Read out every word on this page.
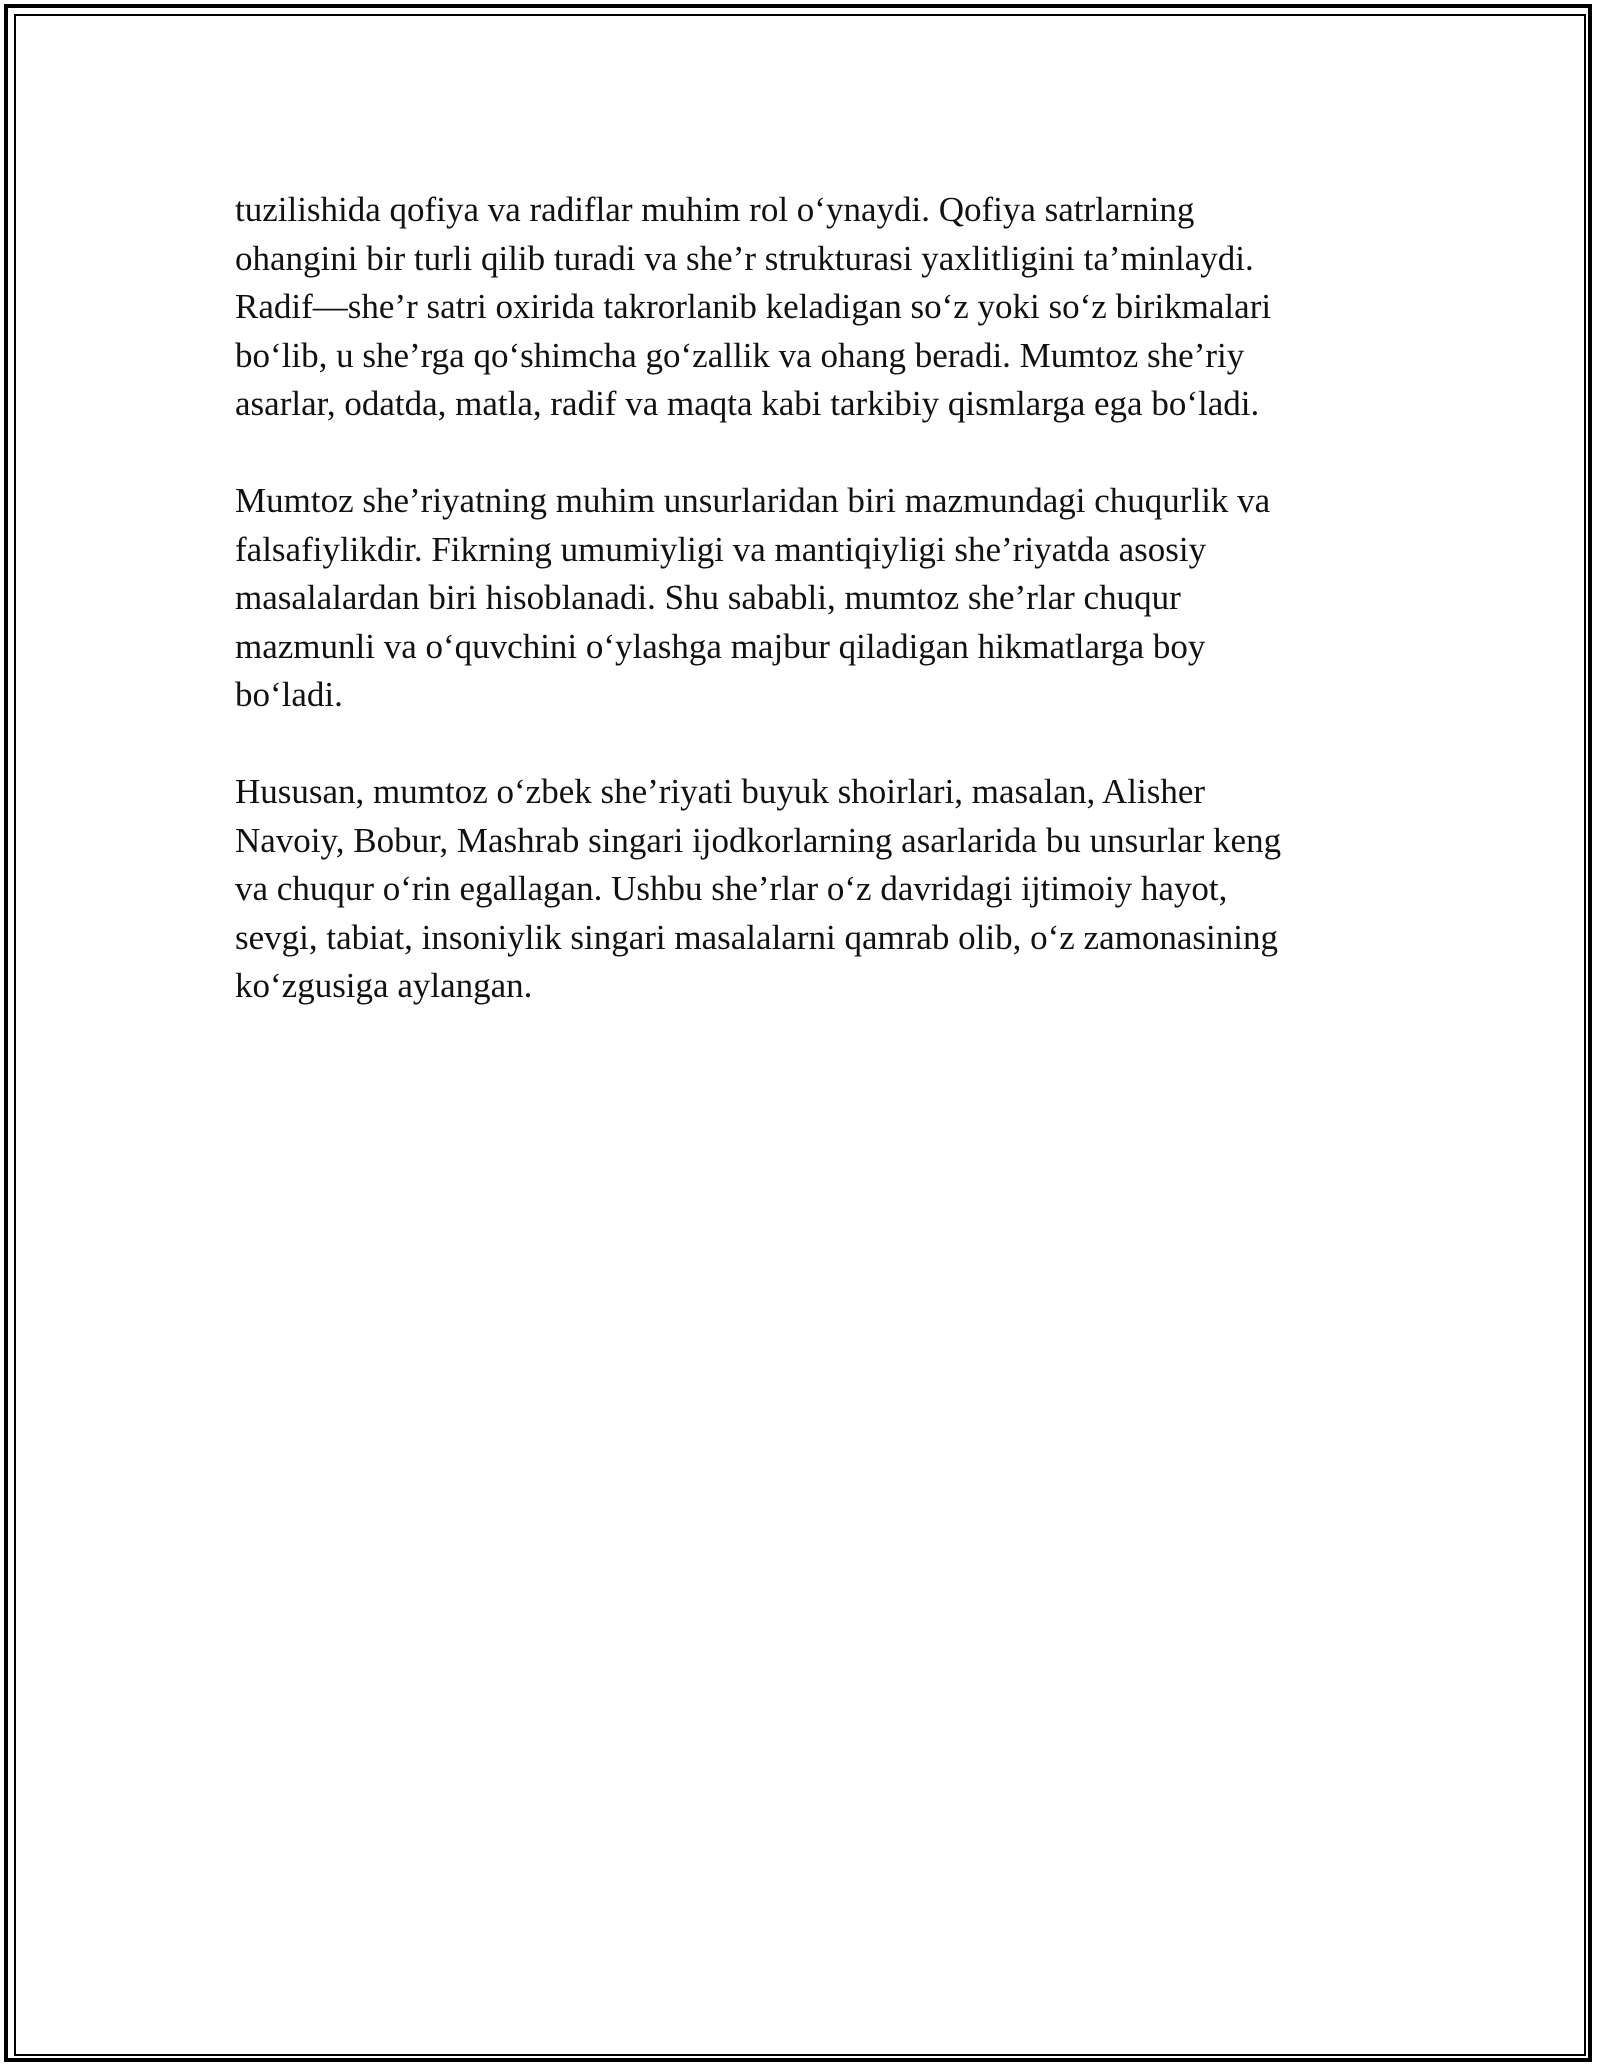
tuzilishida qofiya va radiflar muhim rol o‘ynaydi. Qofiya satrlarning
ohangini bir turli qilib turadi va she’r strukturasi yaxlitligini ta’minlaydi.
Radif—she’r satri oxirida takrorlanib keladigan so‘z yoki so‘z birikmalari
bo‘lib, u she’rga qo‘shimcha go‘zallik va ohang beradi. Mumtoz she’riy
asarlar, odatda, matla, radif va maqta kabi tarkibiy qismlarga ega bo‘ladi.

Mumtoz she’riyatning muhim unsurlaridan biri mazmundagi chuqurlik va
falsafiylikdir. Fikrning umumiyligi va mantiqiyligi she’riyatda asosiy
masalalardan biri hisoblanadi. Shu sababli, mumtoz she’rlar chuqur
mazmunli va o‘quvchini o‘ylashga majbur qiladigan hikmatlarga boy
bo‘ladi.

Hususan, mumtoz o‘zbek she’riyati buyuk shoirlari, masalan, Alisher
Navoiy, Bobur, Mashrab singari ijodkorlarning asarlarida bu unsurlar keng
va chuqur o‘rin egallagan. Ushbu she’rlar o‘z davridagi ijtimoiy hayot,
sevgi, tabiat, insoniylik singari masalalarni qamrab olib, o‘z zamonasining
ko‘zgusiga aylangan.
